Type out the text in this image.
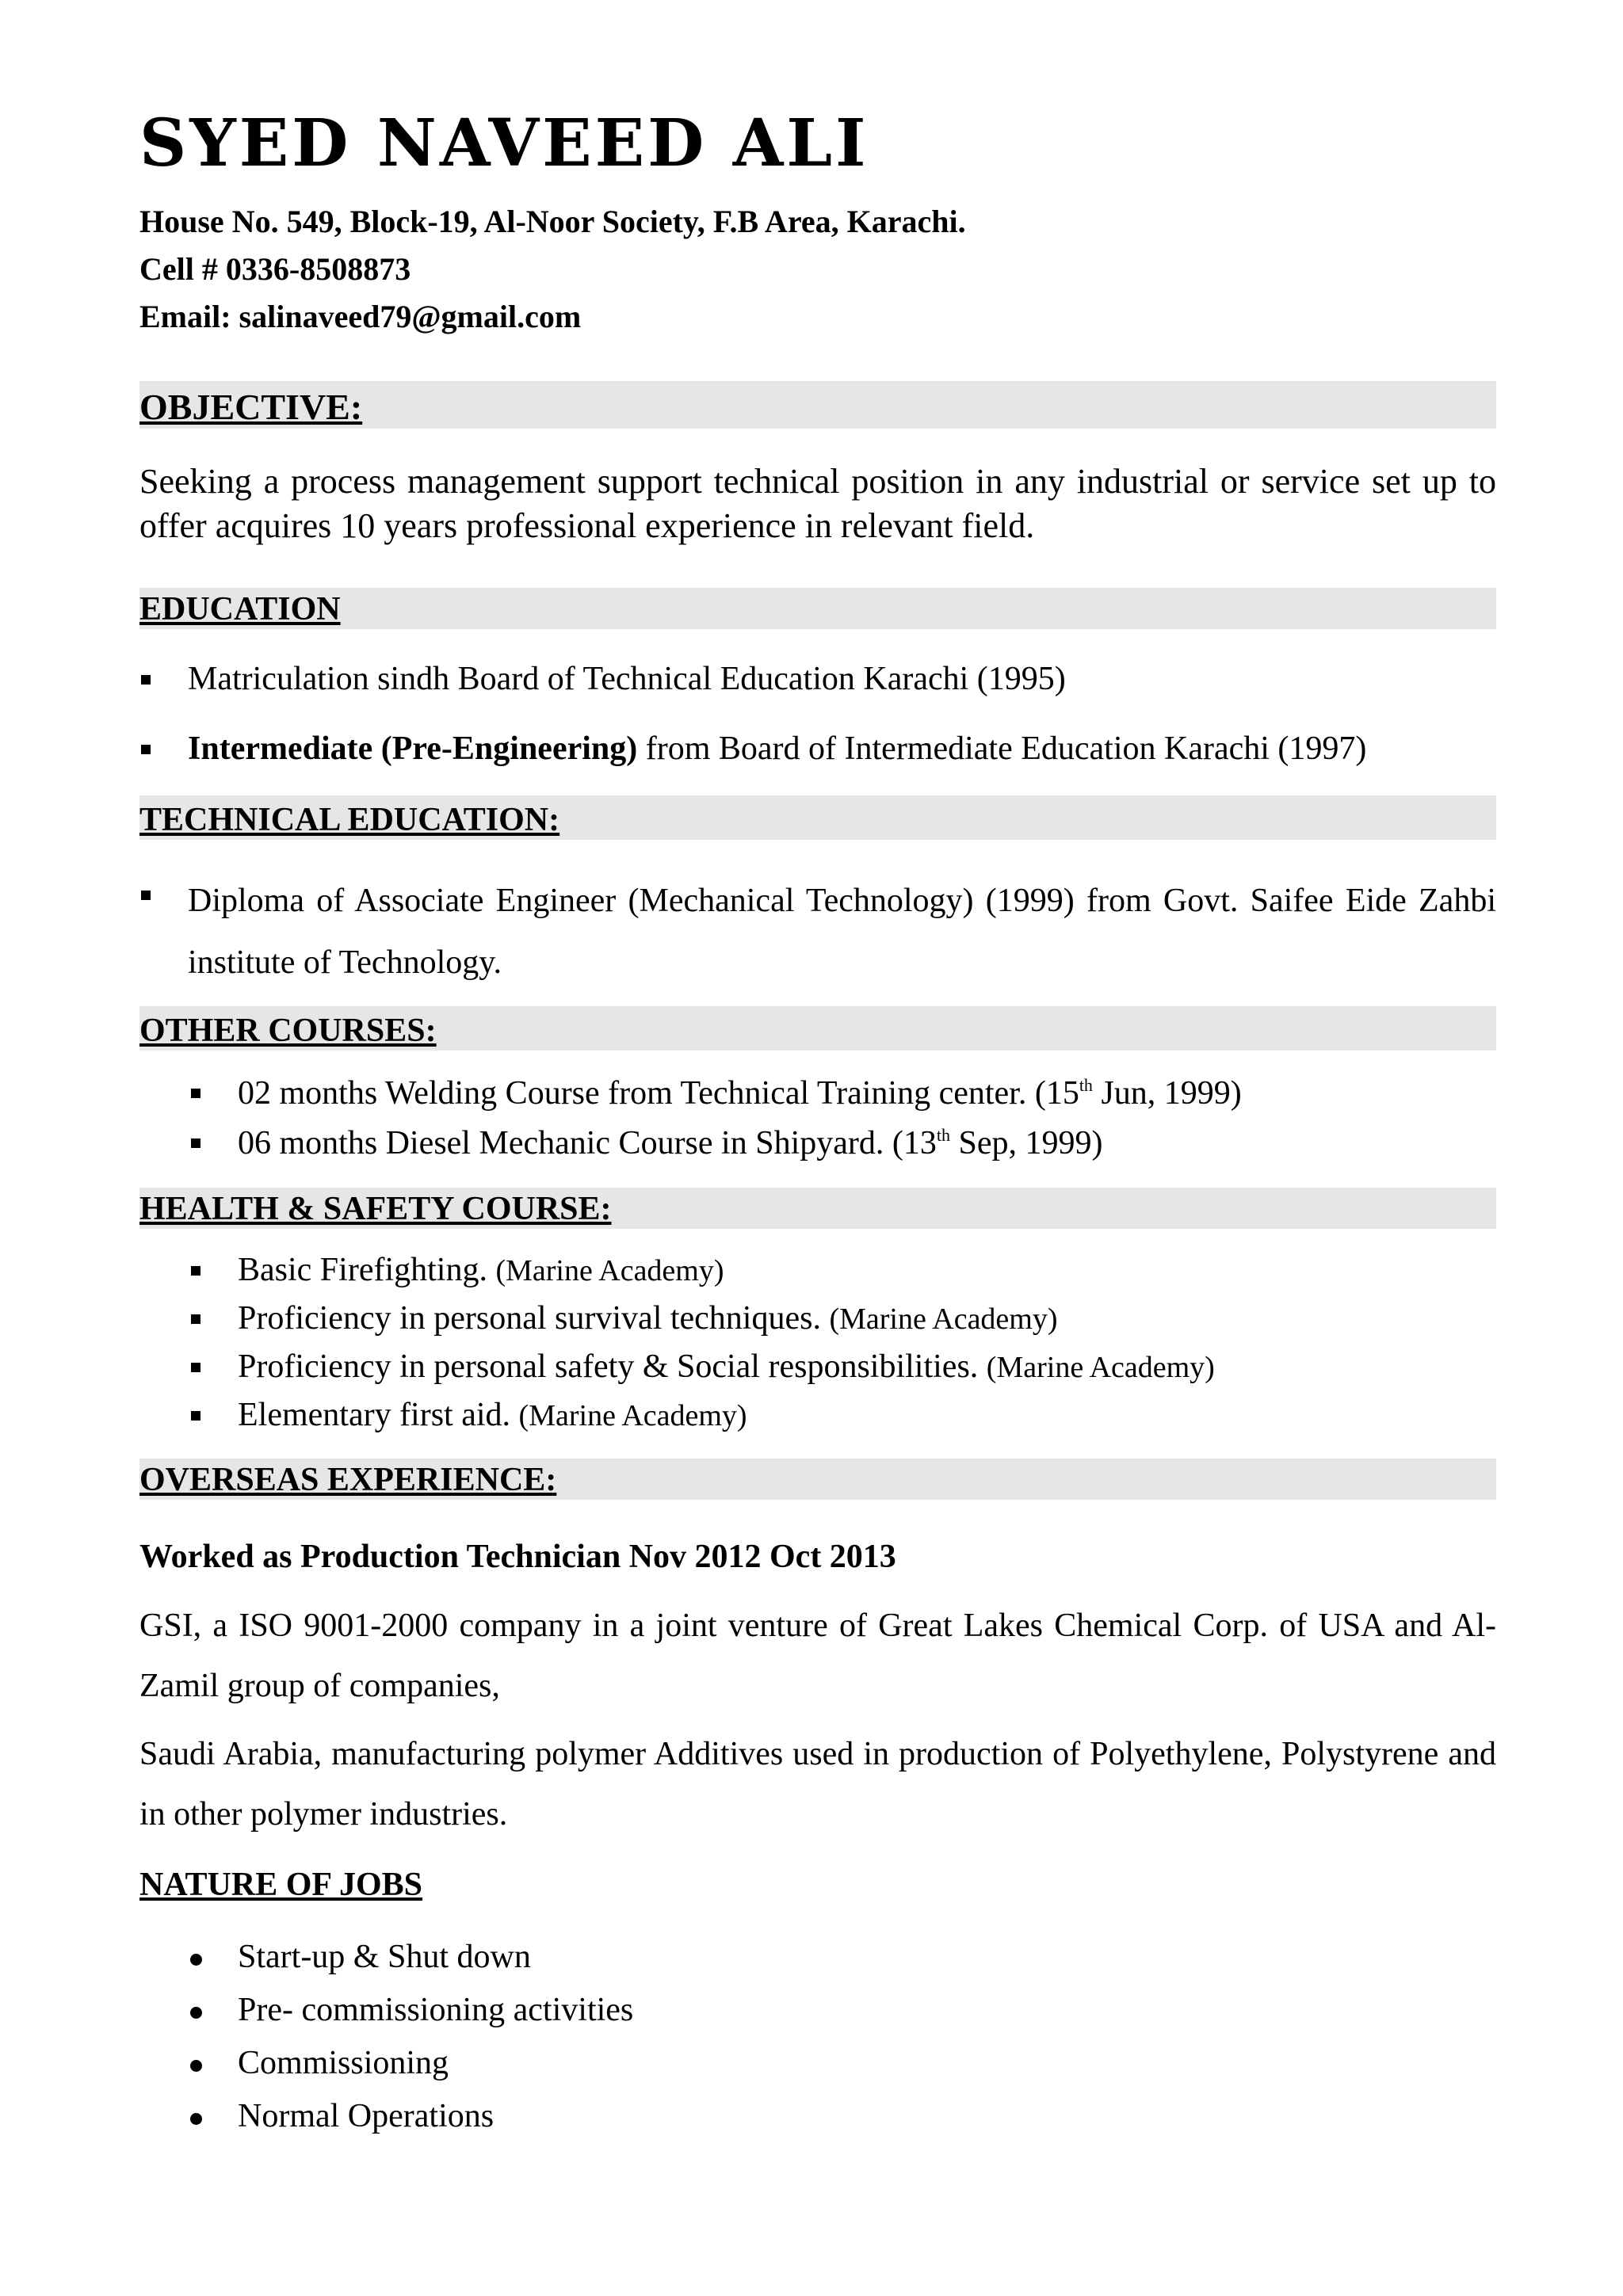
SYED NAVEED ALI
House No. 549, Block-19, Al-Noor Society, F.B Area, Karachi.
Cell # 0336-8508873
Email: salinaveed79@gmail.com
OBJECTIVE:
Seeking a process management support technical position in any industrial or service set up to offer acquires 10 years professional experience in relevant field.
EDUCATION
Matriculation sindh Board of Technical Education Karachi (1995)
Intermediate (Pre-Engineering) from Board of Intermediate Education Karachi (1997)
TECHNICAL EDUCATION:
Diploma of Associate Engineer (Mechanical Technology) (1999) from Govt. Saifee Eide Zahbi institute of Technology.
OTHER COURSES:
02 months Welding Course from Technical Training center. (15th Jun, 1999)
06 months Diesel Mechanic Course in Shipyard. (13th Sep, 1999)
HEALTH & SAFETY COURSE:
Basic Firefighting. (Marine Academy)
Proficiency in personal survival techniques. (Marine Academy)
Proficiency in personal safety & Social responsibilities. (Marine Academy)
Elementary first aid. (Marine Academy)
OVERSEAS EXPERIENCE:
Worked as Production Technician Nov 2012 Oct 2013
GSI, a ISO 9001-2000 company in a joint venture of Great Lakes Chemical Corp. of USA and Al-Zamil group of companies,
Saudi Arabia, manufacturing polymer Additives used in production of Polyethylene, Polystyrene and in other polymer industries.
NATURE OF JOBS
Start-up & Shut down
Pre- commissioning activities
Commissioning
Normal Operations
